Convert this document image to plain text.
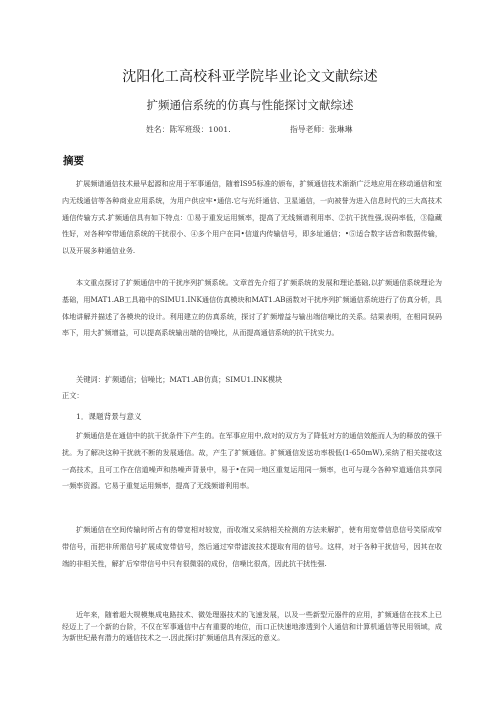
沈阳化工高校科亚学院毕业论文文献综述
扩频通信系统的仿真与性能探讨文献综述
姓名：陈军班级：1001.	指导老师：张琳琳
摘要

扩展频谱通信技术最早起源和应用于军事通信，随着IS95标准的颁布，扩频通信技术渐渐广泛地应用在移动通信和室内无线通信等各种商业应用系统，为用户供应牢•通信.它与光纤通信、卫星通信，一向被誉为进入信息时代的三大高技术通信传输方式.扩频通信具有如下特点：①易于重发运用频率，提高了无线频谱利用率、②抗干扰性强,误码率低，③隐藏性好，对各种窄带通信系统的干扰很小、④多个用户在同•信道内传输信号，即多址通信；•⑤适合数字话音和数据传输，以及开展多种通信业务.

本文重点探讨了扩频通信中的干扰序列扩频系统。文章首先介绍了扩频系统的发展和理论基础,以扩频通信系统理论为基础，用MAT1.AB工具箱中的SIMU1.INK通信仿真模块和MAT1.AB函数对干扰序列扩频通信系统进行了仿真分析，具体地讲解并描述了各模块的设计。利用建立的仿真系统，探讨了扩频增益与输出端信噪比的关系。结果表明，在相同误码率下，用大扩频增益，可以提高系统输出端的信噪比，从而提高通信系统的抗干扰实力。

关键词：扩频通信；信噪比；MAT1.AB仿真；SIMU1.INK模块
正文：
1．课题背景与意义

扩频通信是在通信中的抗干扰条件下产生的。在军事应用中,敌对的双方为了降低对方的通信效能而人为的释放的强干扰。为了解决这种干扰就不断的发展通信。故，产生了扩频通信。扩频通信发送功率极低(1-650mW),采纳了相关接收这一高技术，且可工作在信道噪声和热噪声背景中，易于•在同一地区重复运用同一频率，也可与现今各种窄道通信共享同一频率资源。它易于重复运用频率，提高了无线频谱利用率。

扩频通信在空间传输时所占有的带宽相对较宽，而收端又采纳相关检测的方法来解扩，使有用宽带信息信号笑原成窄带信号，而把非所需信号扩展成宽带信号，然后通过窄带滤波技术提取有用的信号。这样，对于各种干扰信号，因其在收端的非相关性，解扩后窄带信号中只有很微弱的成份，信噪比很高，因此抗干扰性强.

近年来，随着超大规模集成电路技术、微处理器技术的飞速发展，以及一些新型元器件的应用，扩频通信在技术上已经迈上了一个新的台阶，不仅在军事通信中占有重要的地位，而口正快速地渗透到个人通信和计算机通信等民用领域，成为新世纪最有潜力的通信技术之一.因此探讨扩频通信具有深远的意义。
